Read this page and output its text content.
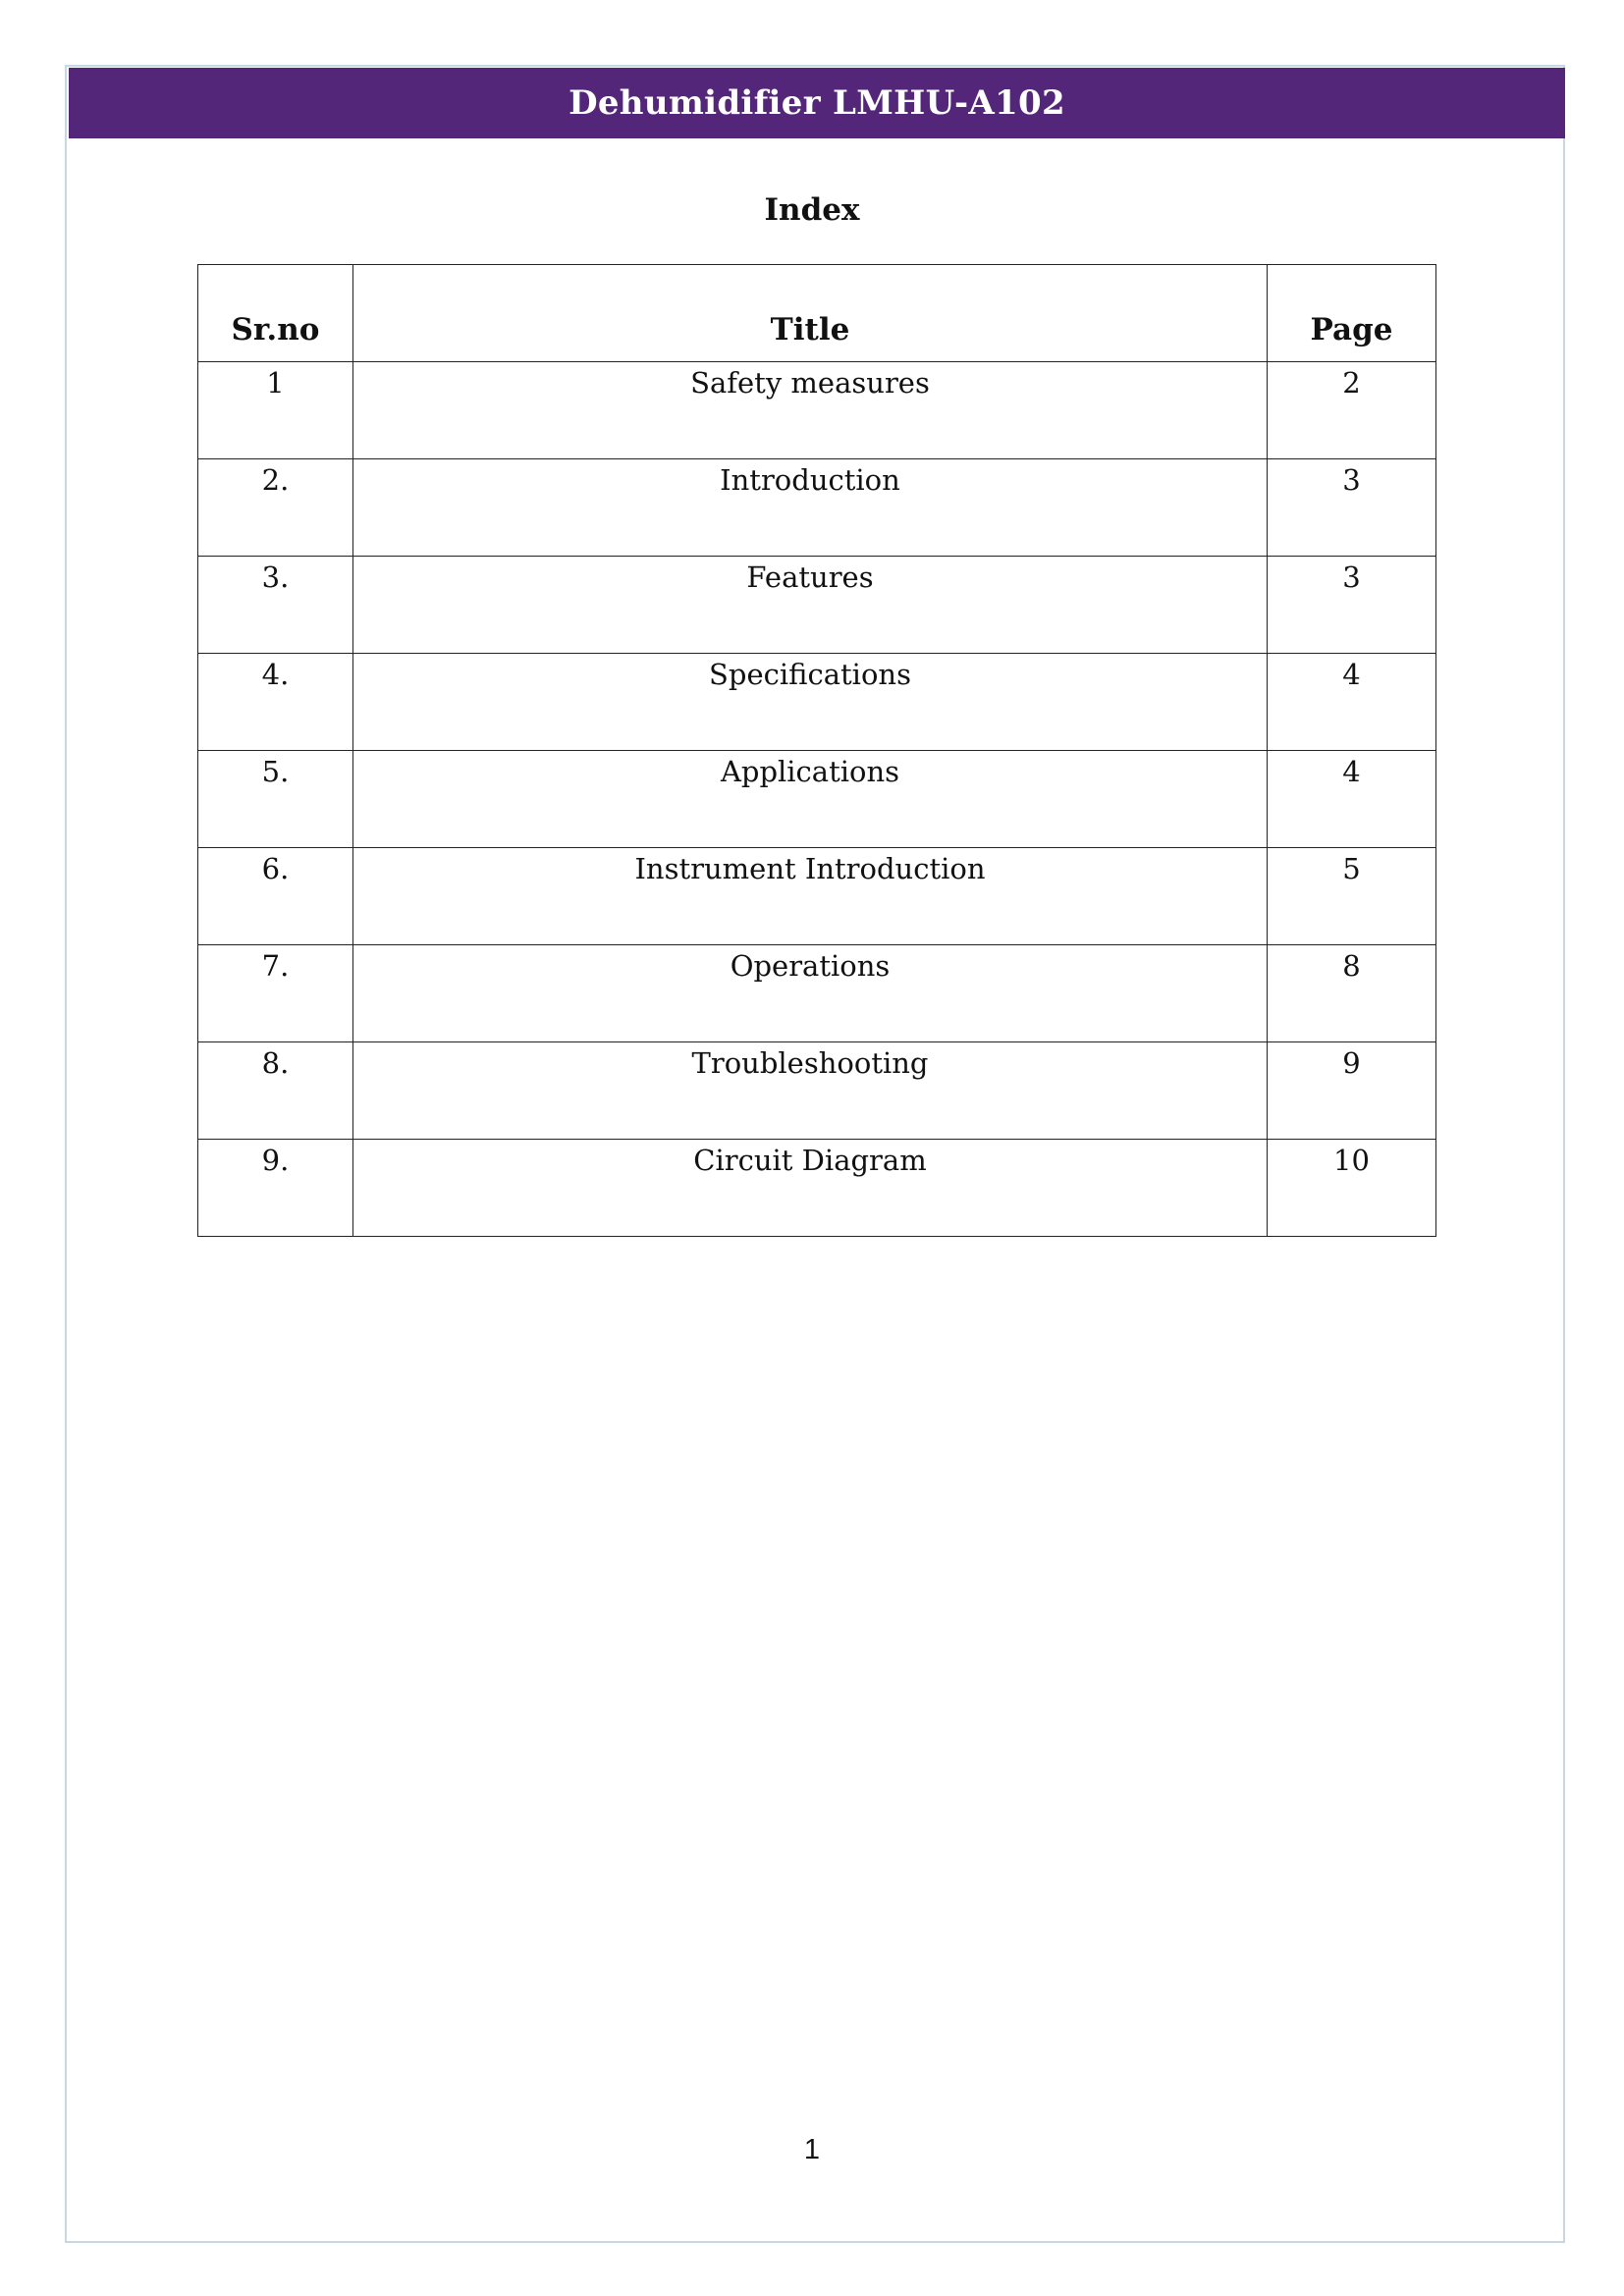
Dehumidifier LMHU-A102
Index
Sr.no	Title	Page
1	Safety measures	2
2.	Introduction	3
3.	Features	3
4.	Specifications	4
5.	Applications	4
6.	Instrument Introduction	5
7.	Operations	8
8.	Troubleshooting	9
9.	Circuit Diagram	10
1
